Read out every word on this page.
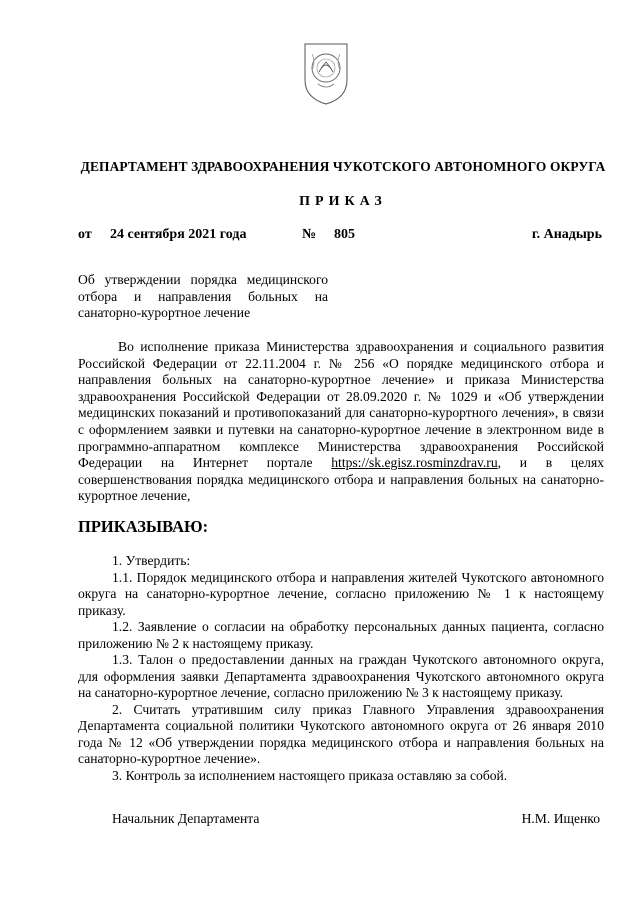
ДЕПАРТАМЕНТ ЗДРАВООХРАНЕНИЯ ЧУКОТСКОГО АВТОНОМНОГО ОКРУГА
ПРИКАЗ
от 24 сентября 2021 года	№ 805	г. Анадырь
Об утверждении порядка медицинского отбора и направления больных на санаторно-курортное лечение
Во исполнение приказа Министерства здравоохранения и социального развития Российской Федерации от 22.11.2004 г. № 256 «О порядке медицинского отбора и направления больных на санаторно-курортное лечение» и приказа Министерства здравоохранения Российской Федерации от 28.09.2020 г. № 1029 и «Об утверждении медицинских показаний и противопоказаний для санаторно-курортного лечения», в связи с оформлением заявки и путевки на санаторно-курортное лечение в электронном виде в программно-аппаратном комплексе Министерства здравоохранения Российской Федерации на Интернет портале https://sk.egisz.rosminzdrav.ru, и в целях совершенствования порядка медицинского отбора и направления больных на санаторно-курортное лечение,
ПРИКАЗЫВАЮ:

1. Утвердить:

1.1. Порядок медицинского отбора и направления жителей Чукотского автономного округа на санаторно-курортное лечение, согласно приложению № 1 к настоящему приказу.

1.2. Заявление о согласии на обработку персональных данных пациента, согласно приложению № 2 к настоящему приказу.

1.3. Талон о предоставлении данных на граждан Чукотского автономного округа, для оформления заявки Департамента здравоохранения Чукотского автономного округа на санаторно-курортное лечение, согласно приложению № 3 к настоящему приказу.

2. Считать утратившим силу приказ Главного Управления здравоохранения Департамента социальной политики Чукотского автономного округа от 26 января 2010 года № 12 «Об утверждении порядка медицинского отбора и направления больных на санаторно-курортное лечение».

3. Контроль за исполнением настоящего приказа оставляю за собой.

Начальник Департамента	Н.М. Ищенко
